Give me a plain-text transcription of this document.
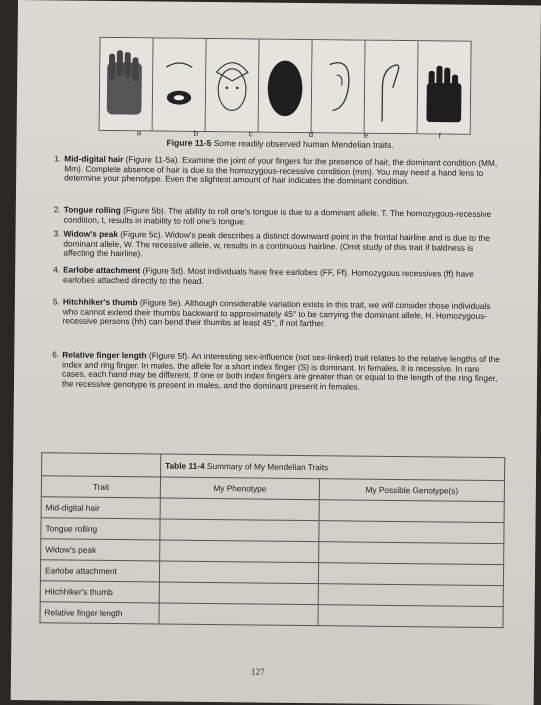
a	b	c	d	e	f
Figure 11-5 Some readily observed human Mendelian traits.
1. Mid-digital hair (Figure 11-5a). Examine the joint of your fingers for the presence of hair, the dominant condition (MM, Mm). Complete absence of hair is due to the homozygous-recessive condition (mm). You may need a hand lens to determine your phenotype. Even the slightest amount of hair indicates the dominant condition.
2. Tongue rolling (Figure 5b). The ability to roll one's tongue is due to a dominant allele, T. The homozygous-recessive condition, t, results in inability to roll one's tongue.
3. Widow's peak (Figure 5c). Widow's peak describes a distinct downward point in the frontal hairline and is due to the dominant allele, W. The recessive allele, w, results in a continuous hairline. (Omit study of this trait if baldness is affecting the hairline).
4. Earlobe attachment (Figure 5d). Most individuals have free earlobes (FF, Ff). Homozygous recessives (ff) have earlobes attached directly to the head.
5. Hitchhiker's thumb (Figure 5e). Although considerable variation exists in this trait, we will consider those individuals who cannot extend their thumbs backward to approximately 45° to be carrying the dominant allele, H. Homozygous-recessive persons (hh) can bend their thumbs at least 45°, if not farther.
6. Relative finger length (Figure 5f). An interesting sex-influence (not sex-linked) trait relates to the relative lengths of the index and ring finger. In males, the allele for a short index finger (S) is dominant. In females, it is recessive. In rare cases, each hand may be different. If one or both index fingers are greater than or equal to the length of the ring finger, the recessive genotype is present in males, and the dominant present in females.
	Table 11-4 Summary of My Mendelian Traits	
Trait	My Phenotype	My Possible Genotype(s)
Mid-digital hair		
Tongue rolling		
Widow's peak		
Earlobe attachment		
Hitchhiker's thumb		
Relative finger length		
127
